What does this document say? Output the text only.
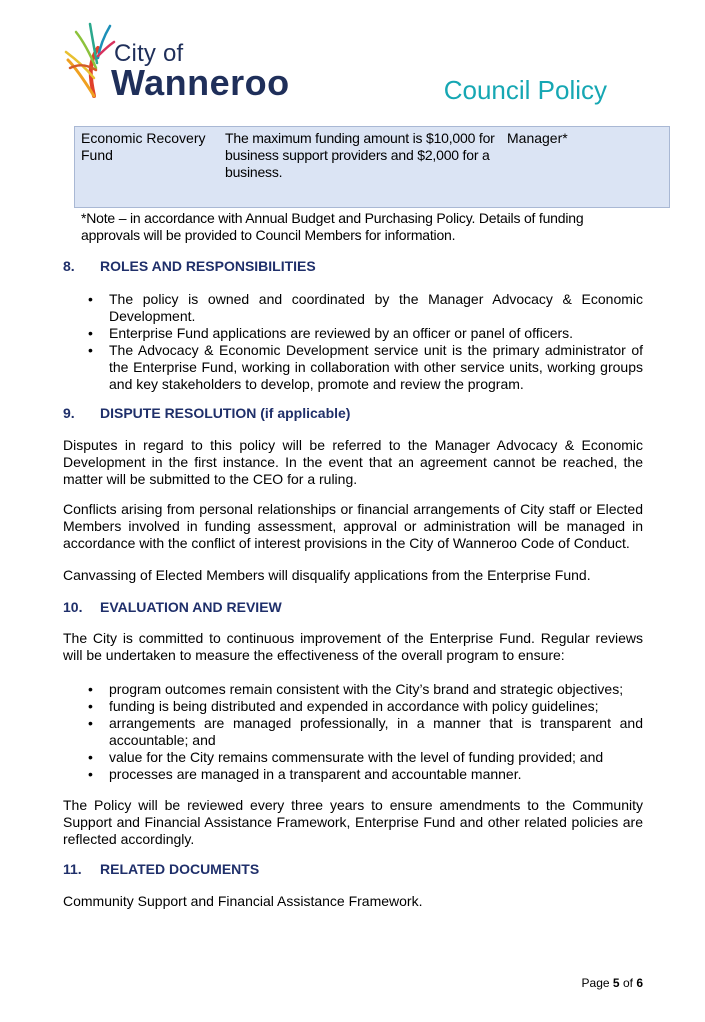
City of
Wanneroo	Council Policy
Economic Recovery Fund
The maximum funding amount is $10,000 for business support providers and $2,000 for a business.
Manager*
*Note – in accordance with Annual Budget and Purchasing Policy. Details of funding approvals will be provided to Council Members for information.
8. ROLES AND RESPONSIBILITIES
• The policy is owned and coordinated by the Manager Advocacy & Economic Development.
• Enterprise Fund applications are reviewed by an officer or panel of officers.
• The Advocacy & Economic Development service unit is the primary administrator of the Enterprise Fund, working in collaboration with other service units, working groups and key stakeholders to develop, promote and review the program.
9. DISPUTE RESOLUTION (if applicable)
Disputes in regard to this policy will be referred to the Manager Advocacy & Economic Development in the first instance. In the event that an agreement cannot be reached, the matter will be submitted to the CEO for a ruling.
Conflicts arising from personal relationships or financial arrangements of City staff or Elected Members involved in funding assessment, approval or administration will be managed in accordance with the conflict of interest provisions in the City of Wanneroo Code of Conduct.
Canvassing of Elected Members will disqualify applications from the Enterprise Fund.
10. EVALUATION AND REVIEW
The City is committed to continuous improvement of the Enterprise Fund. Regular reviews will be undertaken to measure the effectiveness of the overall program to ensure:
• program outcomes remain consistent with the City’s brand and strategic objectives;
• funding is being distributed and expended in accordance with policy guidelines;
• arrangements are managed professionally, in a manner that is transparent and accountable; and
• value for the City remains commensurate with the level of funding provided; and
• processes are managed in a transparent and accountable manner.
The Policy will be reviewed every three years to ensure amendments to the Community Support and Financial Assistance Framework, Enterprise Fund and other related policies are reflected accordingly.
11. RELATED DOCUMENTS
Community Support and Financial Assistance Framework.
Page 5 of 6
